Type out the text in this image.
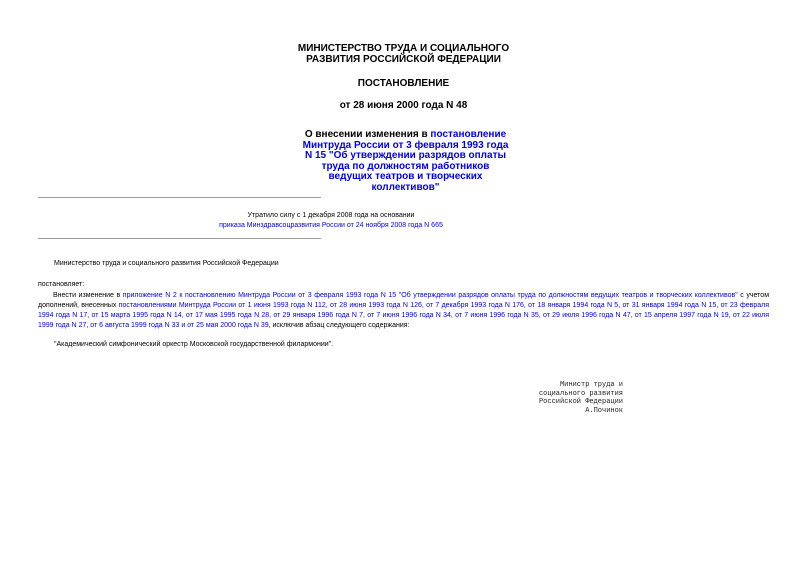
МИНИСТЕРСТВО ТРУДА И СОЦИАЛЬНОГО
РАЗВИТИЯ РОССИЙСКОЙ ФЕДЕРАЦИИ
ПОСТАНОВЛЕНИЕ
от 28 июня 2000 года N 48
О внесении изменения в постановление Минтруда России от 3 февраля 1993 года N 15 "Об утверждении разрядов оплаты труда по должностям работников ведущих театров и творческих коллективов"
Утратило силу с 1 декабря 2008 года на основании
приказа Минздравсоцразвития России от 24 ноября 2008 года N 665
Министерство труда и социального развития Российской Федерации
постановляет:
Внести изменение в приложение N 2 к постановлению Минтруда России от 3 февраля 1993 года N 15 "Об утверждении разрядов оплаты труда по должностям ведущих театров и творческих коллективов" с учетом дополнений, внесенных постановлениями Минтруда России от 1 июня 1993 года N 112, от 28 июня 1993 года N 126, от 7 декабря 1993 года N 176, от 18 января 1994 года N 5, от 31 января 1994 года N 15, от 23 февраля 1994 года N 17, от 15 марта 1995 года N 14, от 17 мая 1995 года N 28, от 29 января 1996 года N 7, от 7 июня 1996 года N 34, от 7 июня 1996 года N 35, от 29 июля 1996 года N 47, от 15 апреля 1997 года N 19, от 22 июля 1999 года N 27, от 6 августа 1999 года N 33 и от 25 мая 2000 года N 39, исключив абзац следующего содержания:
"Академический симфонический оркестр Московской государственной филармонии".
Министр труда и
социального развития
Российской Федерации
А.Починок
